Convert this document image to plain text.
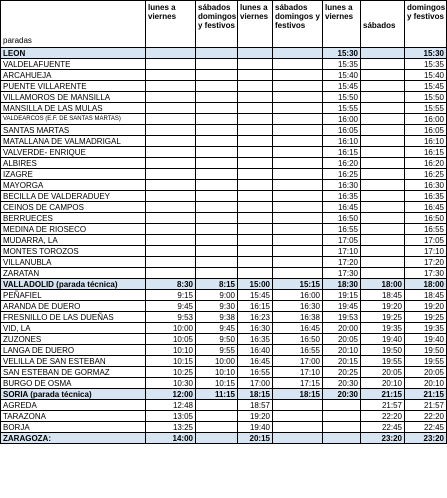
paradas	lunes a viernes	sábados domingos y festivos	lunes a viernes	sábados domingos y festivos	lunes a viernes	sábados	domingos y festivos
LEON					15:30		15:30
VALDELAFUENTE					15:35		15:35
ARCAHUEJA					15:40		15:40
PUENTE VILLARENTE					15:45		15:45
VILLAMOROS DE MANSILLA					15:50		15:50
MANSILLA DE LAS MULAS					15:55		15:55
VALDEARCOS (E.F. DE SANTAS MARTAS)					16:00		16:00
SANTAS MARTAS					16:05		16:05
MATALLANA DE VALMADRIGAL					16:10		16:10
VALVERDE- ENRIQUE					16:15		16:15
ALBIRES					16:20		16:20
IZAGRE					16:25		16:25
MAYORGA					16:30		16:30
BECILLA DE VALDERADUEY					16:35		16:35
CEINOS DE CAMPOS					16:45		16:45
BERRUECES					16:50		16:50
MEDINA DE RIOSECO					16:55		16:55
MUDARRA, LA					17:05		17:05
MONTES TOROZOS					17:10		17:10
VILLANUBLA					17:20		17:20
ZARATAN					17:30		17:30
VALLADOLID (parada técnica)	8:30	8:15	15:00	15:15	18:30	18:00	18:00
PEÑAFIEL	9:15	9:00	15:45	16:00	19:15	18:45	18:45
ARANDA DE DUERO	9:45	9:30	16:15	16:30	19:45	19:20	19:20
FRESNILLO DE LAS DUEÑAS	9:53	9:38	16:23	16:38	19:53	19:25	19:25
VID, LA	10:00	9:45	16:30	16:45	20:00	19:35	19:35
ZUZONES	10:05	9:50	16:35	16:50	20:05	19:40	19:40
LANGA DE DUERO	10:10	9:55	16:40	16:55	20:10	19:50	19:50
VELILLA DE SAN ESTEBAN	10:15	10:00	16:45	17:00	20:15	19:55	19:55
SAN ESTEBAN DE GORMAZ	10:25	10:10	16:55	17:10	20:25	20:05	20:05
BURGO DE OSMA	10:30	10:15	17:00	17:15	20:30	20:10	20:10
SORIA (parada técnica)	12:00	11:15	18:15	18:15	20:30	21:15	21:15
AGREDA	12:48		18:57			21:57	21:57
TARAZONA	13:05		19:20			22:20	22:20
BORJA	13:25		19:40			22:45	22:45
ZARAGOZA:	14:00		20:15			23:20	23:20
